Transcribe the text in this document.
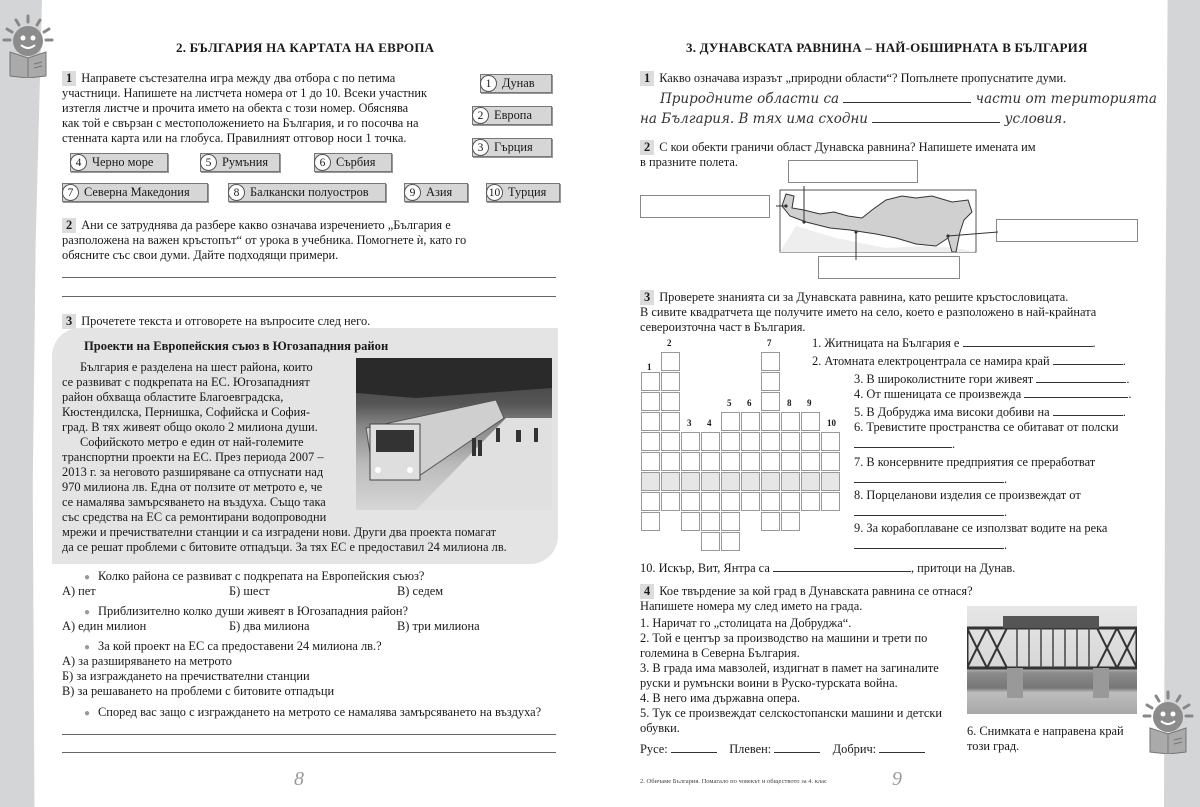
2. БЪЛГАРИЯ НА КАРТАТА НА ЕВРОПА
1 Направете състезателна игра между два отбора с по петима
участници. Напишете на листчета номера от 1 до 10. Всеки участник
изтегля листче и прочита името на обекта с този номер. Обяснява
как той е свързан с местоположението на България, и го посочва на
стенната карта или на глобуса. Правилният отговор носи 1 точка.
1 Дунав
2 Европа
3 Гърция
4 Черно море	5 Румъния	6 Сърбия
7 Северна Македония	8 Балкански полуостров	9 Азия	10 Турция
2 Ани се затруднява да разбере какво означава изречението „България е
разположена на важен кръстопът“ от урока в учебника. Помогнете ѝ, като го
обясните със свои думи. Дайте подходящи примери.
3 Прочетете текста и отговорете на въпросите след него.
Проекти на Европейския съюз в Югозападния район
България е разделена на шест района, които
се развиват с подкрепата на ЕС. Югозападният
район обхваща областите Благоевградска,
Кюстендилска, Пернишка, Софийска и София-
град. В тях живеят общо около 2 милиона души.
Софийското метро е един от най-големите
транспортни проекти на ЕС. През периода 2007 –
2013 г. за неговото разширяване са отпуснати над
970 милиона лв. Една от ползите от метрото е, че
се намалява замърсяването на въздуха. Също така
със средства на ЕС са ремонтирани водопроводни
мрежи и пречиствателни станции и са изградени нови. Други два проекта помагат
да се решат проблеми с битовите отпадъци. За тях ЕС е предоставил 24 милиона лв.
● Колко района се развиват с подкрепата на Европейския съюз?
А) пет	Б) шест	В) седем
● Приблизително колко души живеят в Югозападния район?
А) един милион	Б) два милиона	В) три милиона
● За кой проект на ЕС са предоставени 24 милиона лв.?
А) за разширяването на метрото
Б) за изграждането на пречиствателни станции
В) за решаването на проблеми с битовите отпадъци
● Според вас защо с изграждането на метрото се намалява замърсяването на въздуха?
8
3. ДУНАВСКАТА РАВНИНА – НАЙ-ОБШИРНАТА В БЪЛГАРИЯ
1 Какво означава изразът „природни области“? Попълнете пропуснатите думи.
Природните области са	части от територията
на България. В тях има сходни	условия.
2 С кои обекти граничи област Дунавска равнина? Напишете имената им
в празните полета.
3 Проверете знанията си за Дунавската равнина, като решите кръстословицата.
В сивите квадратчета ще получите името на село, което е разположено в най-крайната
североизточна част в България.
1
2
3 4
5 6
7
8 9
10
1. Житницата на България е	.
2. Атомната електроцентрала се намира край	.
3. В широколистните гори живеят	.
4. От пшеницата се произвежда	.
5. В Добруджа има високи добиви на	.
6. Тревистите пространства се обитават от полски
.
7. В консервните предприятия се преработват
.
8. Порцеланови изделия се произвеждат от
.
9. За корабоплаване се използват водите на река
.
10. Искър, Вит, Янтра са	, притоци на Дунав.
4 Кое твърдение за кой град в Дунавската равнина се отнася?
Напишете номера му след името на града.
1. Наричат го „столицата на Добруджа“.
2. Той е център за производство на машини и трети по
големина в Северна България.
3. В града има мавзолей, издигнат в памет на загиналите
руски и румънски воини в Руско-турската война.
4. В него има държавна опера.
5. Тук се произвеждат селскостопански машини и детски
обувки.
Русе:	Плевен:	Добрич:
6. Снимката е направена край
този град.
2. Обичаме България. Помагало по човекът и обществото за 4. клас	9
